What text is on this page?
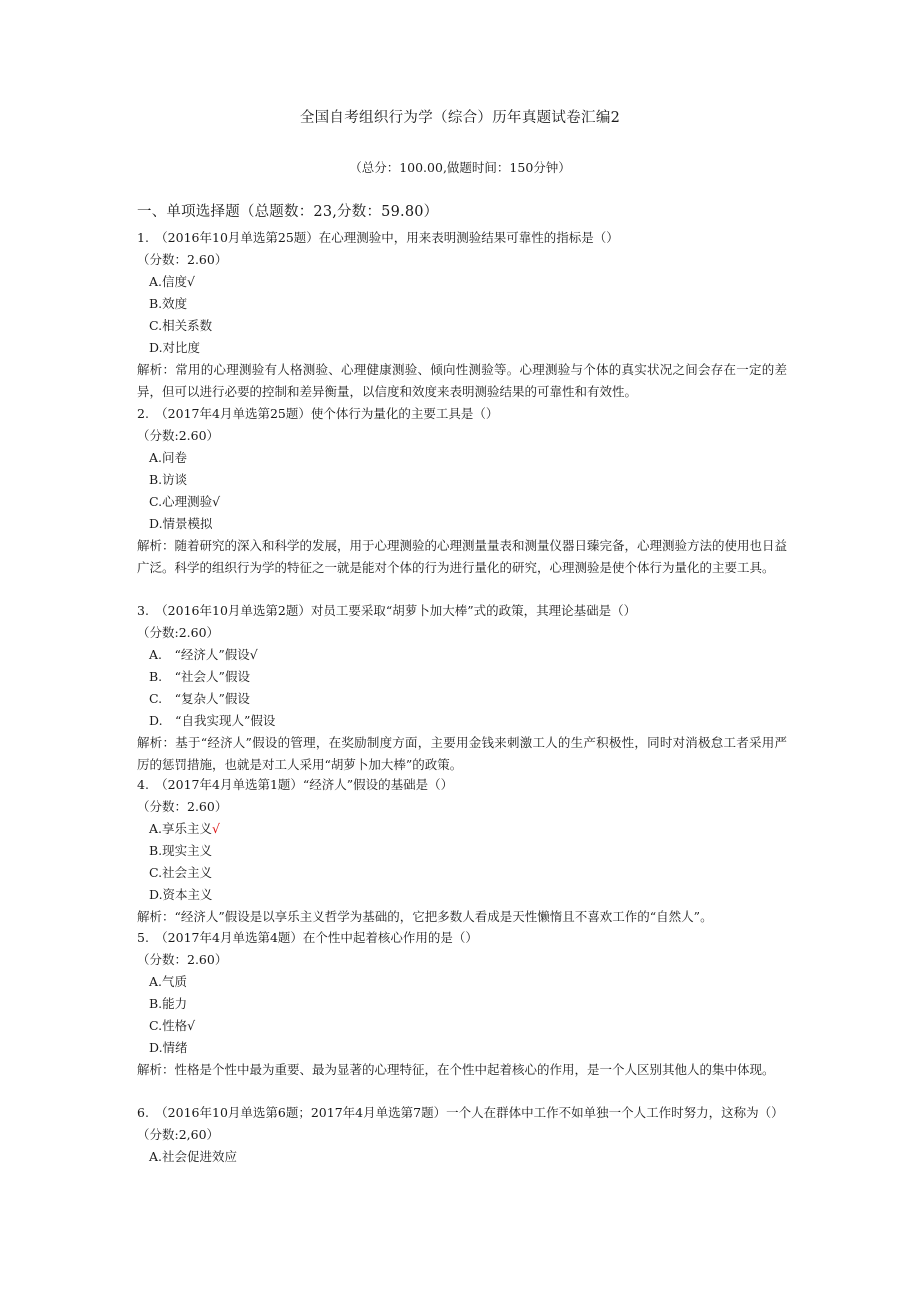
全国自考组织行为学（综合）历年真题试卷汇编2
（总分：100.00,做题时间：150分钟）
一、单项选择题（总题数：23,分数：59.80）
1.　（2016年10月单选第25题）在心理测验中，用来表明测验结果可靠性的指标是（）
（分数：2.60）
A.信度√
B.效度
C.相关系数
D.对比度
解析：常用的心理测验有人格测验、心理健康测验、倾向性测验等。心理测验与个体的真实状况之间会存在一定的差异，但可以进行必要的控制和差异衡量，以信度和效度来表明测验结果的可靠性和有效性。
2.　（2017年4月单选第25题）使个体行为量化的主要工具是（）
（分数:2.60）
A.问卷
B.访谈
C.心理测验√
D.情景模拟
解析：随着研究的深入和科学的发展，用于心理测验的心理测量量表和测量仪器日臻完备，心理测验方法的使用也日益广泛。科学的组织行为学的特征之一就是能对个体的行为进行量化的研究，心理测验是使个体行为量化的主要工具。
3.　（2016年10月单选第2题）对员工要采取“胡萝卜加大棒”式的政策，其理论基础是（）
（分数:2.60）
A.　“经济人”假设√
B.　“社会人”假设
C.　“复杂人”假设
D.　“自我实现人”假设
解析：基于“经济人”假设的管理，在奖励制度方面，主要用金钱来刺激工人的生产积极性，同时对消极怠工者采用严厉的惩罚措施，也就是对工人采用“胡萝卜加大棒”的政策。
4.　（2017年4月单选第1题）“经济人”假设的基础是（）
（分数：2.60）
A.享乐主义√
B.现实主义
C.社会主义
D.资本主义
解析：“经济人”假设是以享乐主义哲学为基础的，它把多数人看成是天性懒惰且不喜欢工作的“自然人”。
5.　（2017年4月单选第4题）在个性中起着核心作用的是（）
（分数：2.60）
A.气质
B.能力
C.性格√
D.情绪
解析：性格是个性中最为重要、最为显著的心理特征，在个性中起着核心的作用，是一个人区别其他人的集中体现。
6.　（2016年10月单选第6题；2017年4月单选第7题）一个人在群体中工作不如单独一个人工作时努力，这称为（）
（分数:2,60）
A.社会促进效应
